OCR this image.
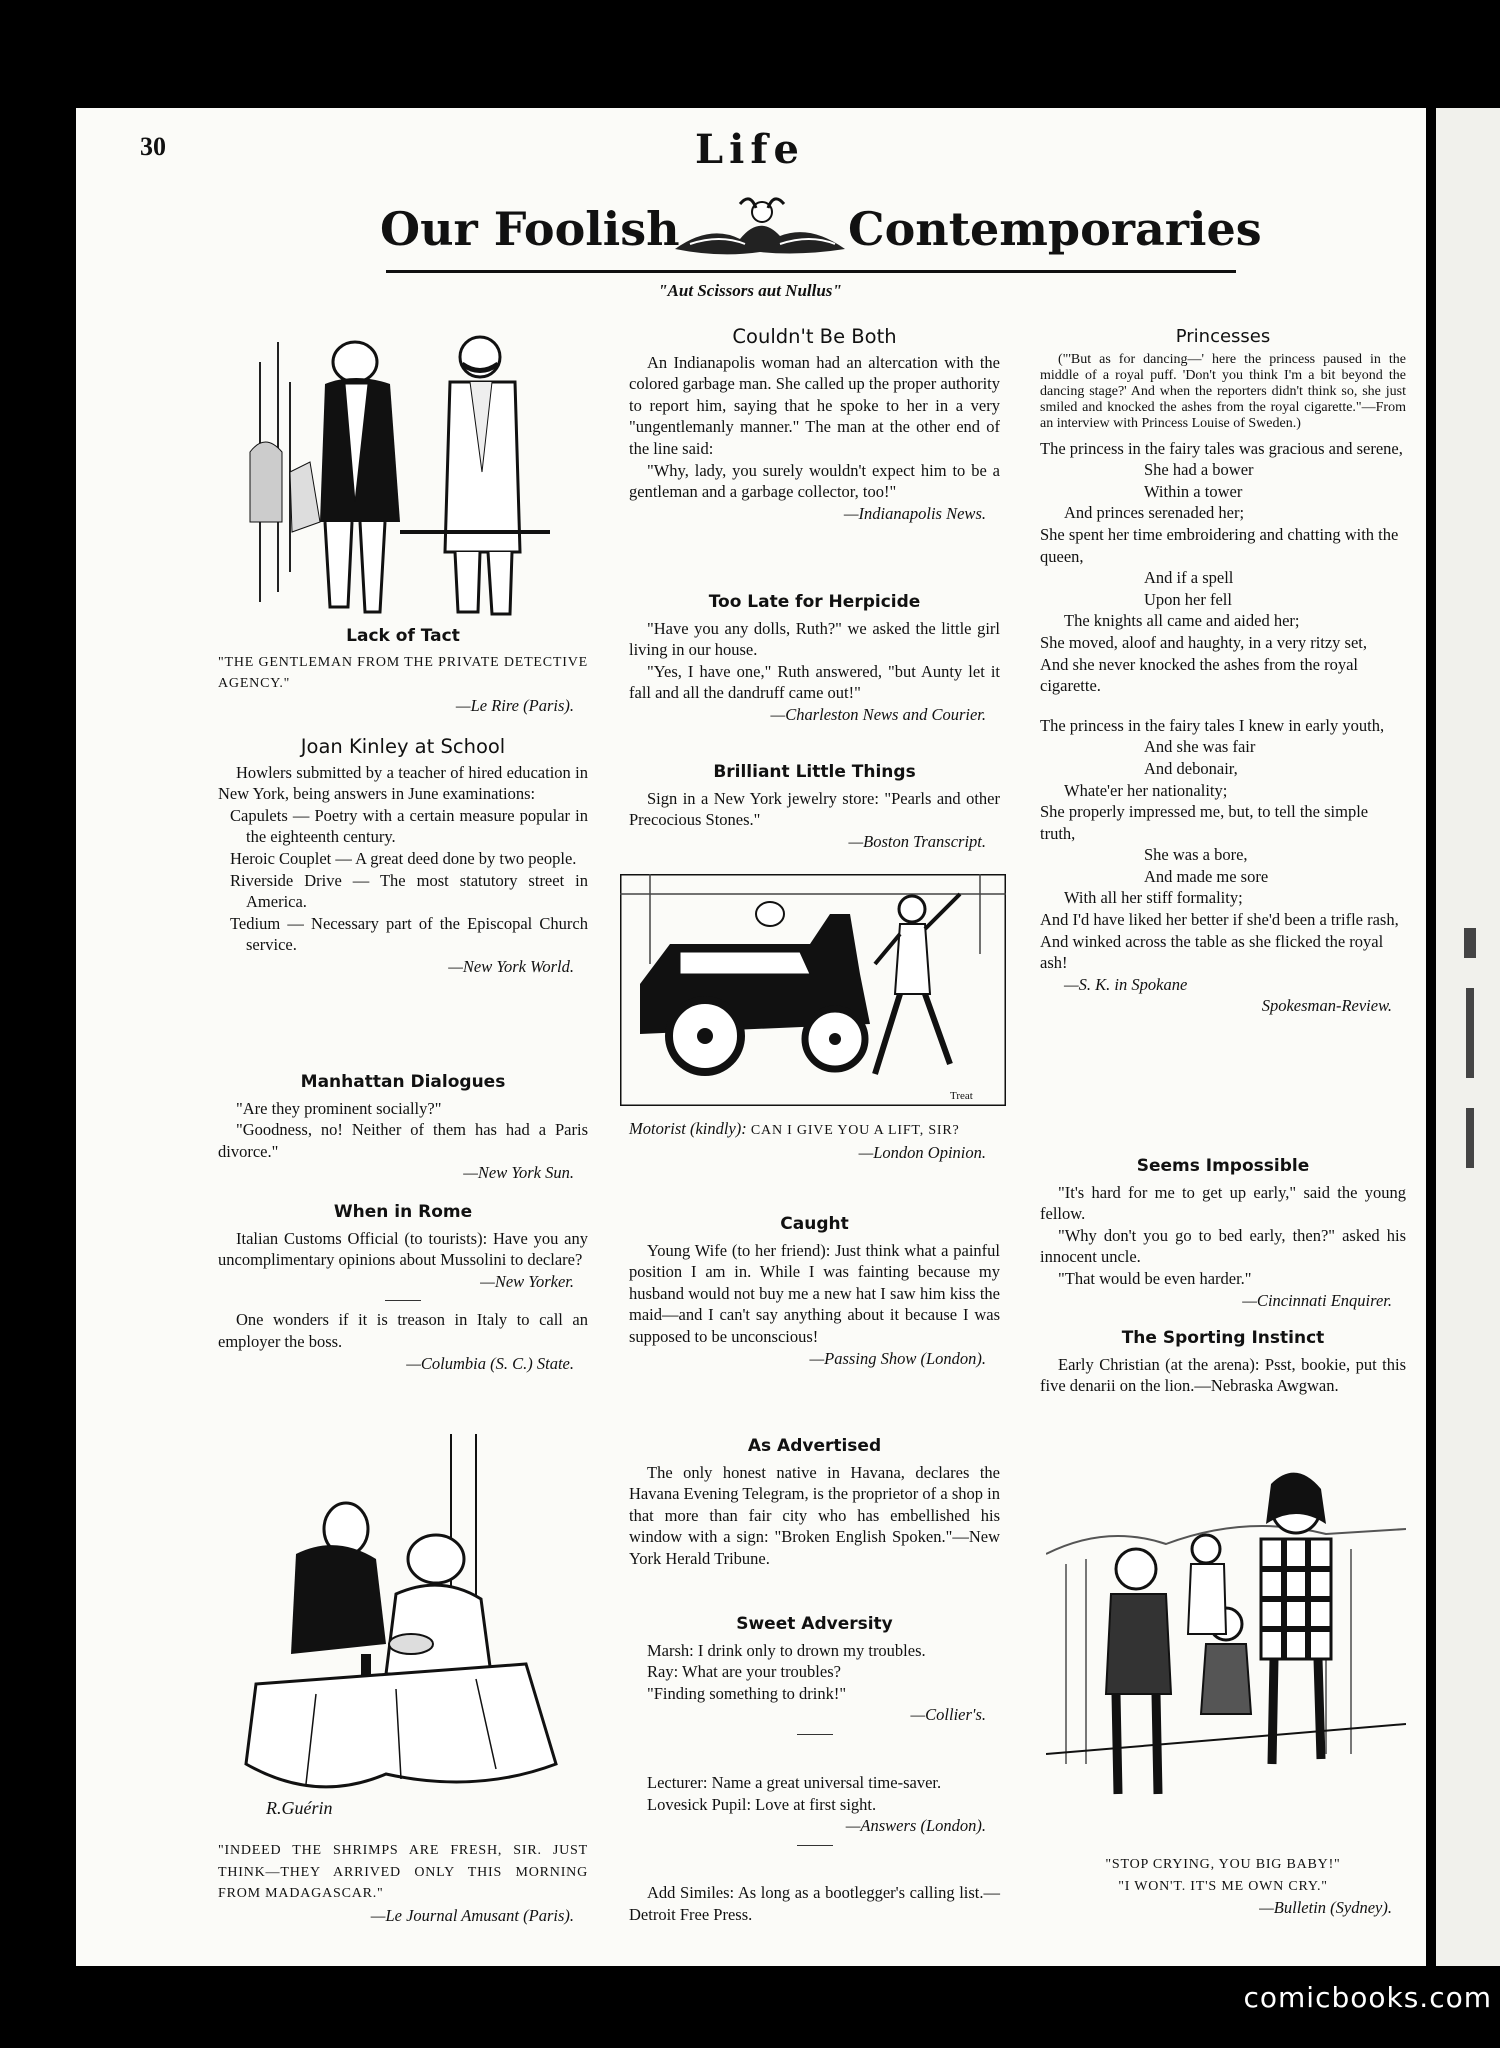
30	Life
Our Foolish	Contemporaries
"Aut Scissors aut Nullus"
Lack of Tact

"THE GENTLEMAN FROM THE PRIVATE DETECTIVE AGENCY."

—Le Rire (Paris).

Joan Kinley at School

Howlers submitted by a teacher of hired education in New York, being answers in June examinations:

Capulets — Poetry with a certain measure popular in the eighteenth century.

Heroic Couplet — A great deed done by two people.

Riverside Drive — The most statutory street in America.

Tedium — Necessary part of the Episcopal Church service.

—New York World.

Manhattan Dialogues

"Are they prominent socially?"

"Goodness, no! Neither of them has had a Paris divorce."

—New York Sun.

When in Rome

Italian Customs Official (to tourists): Have you any uncomplimentary opinions about Mussolini to declare?

—New Yorker.

One wonders if it is treason in Italy to call an employer the boss.

—Columbia (S. C.) State.

R.Guérin

"INDEED THE SHRIMPS ARE FRESH, SIR. JUST THINK—THEY ARRIVED ONLY THIS MORNING FROM MADAGASCAR."

—Le Journal Amusant (Paris).

Couldn't Be Both

An Indianapolis woman had an altercation with the colored garbage man. She called up the proper authority to report him, saying that he spoke to her in a very "ungentlemanly manner." The man at the other end of the line said:

"Why, lady, you surely wouldn't expect him to be a gentleman and a garbage collector, too!"

—Indianapolis News.

Too Late for Herpicide

"Have you any dolls, Ruth?" we asked the little girl living in our house.

"Yes, I have one," Ruth answered, "but Aunty let it fall and all the dandruff came out!"

—Charleston News and Courier.

Brilliant Little Things

Sign in a New York jewelry store: "Pearls and other Precocious Stones."

—Boston Transcript.

Treat

Motorist (kindly): CAN I GIVE YOU A LIFT, SIR?

—London Opinion.

Caught

Young Wife (to her friend): Just think what a painful position I am in. While I was fainting because my husband would not buy me a new hat I saw him kiss the maid—and I can't say anything about it because I was supposed to be unconscious!

—Passing Show (London).

As Advertised

The only honest native in Havana, declares the Havana Evening Telegram, is the proprietor of a shop in that more than fair city who has embellished his window with a sign: "Broken English Spoken."—New York Herald Tribune.

Sweet Adversity

Marsh: I drink only to drown my troubles.

Ray: What are your troubles?

"Finding something to drink!"

—Collier's.

Lecturer: Name a great universal time-saver.

Lovesick Pupil: Love at first sight.

—Answers (London).

Add Similes: As long as a bootlegger's calling list.—Detroit Free Press.

Princesses

("'But as for dancing—' here the princess paused in the middle of a royal puff. 'Don't you think I'm a bit beyond the dancing stage?' And when the reporters didn't think so, she just smiled and knocked the ashes from the royal cigarette."—From an interview with Princess Louise of Sweden.)

The princess in the fairy tales was gracious and serene,

She had a bower

Within a tower

And princes serenaded her;

She spent her time embroidering and chatting with the queen,

And if a spell

Upon her fell

The knights all came and aided her;

She moved, aloof and haughty, in a very ritzy set,

And she never knocked the ashes from the royal cigarette.

The princess in the fairy tales I knew in early youth,

And she was fair

And debonair,

Whate'er her nationality;

She properly impressed me, but, to tell the simple truth,

She was a bore,

And made me sore

With all her stiff formality;

And I'd have liked her better if she'd been a trifle rash,

And winked across the table as she flicked the royal ash!

—S. K. in Spokane

Spokesman-Review.

Seems Impossible

"It's hard for me to get up early," said the young fellow.

"Why don't you go to bed early, then?" asked his innocent uncle.

"That would be even harder."

—Cincinnati Enquirer.

The Sporting Instinct

Early Christian (at the arena): Psst, bookie, put this five denarii on the lion.—Nebraska Awgwan.

"STOP CRYING, YOU BIG BABY!"

"I WON'T. IT'S ME OWN CRY."

—Bulletin (Sydney).

comicbooks.com
